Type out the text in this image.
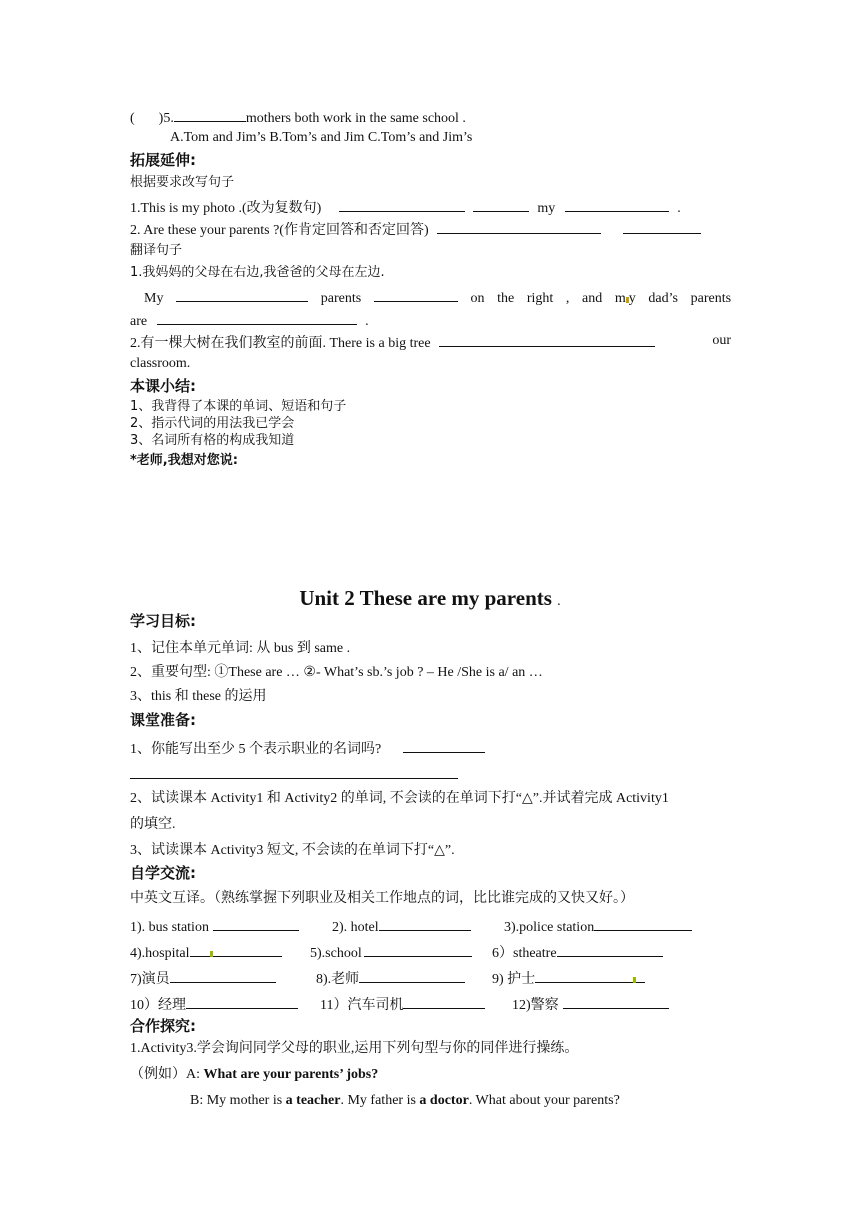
( )5.	mothers both work in the same school .
A.Tom and Jim’s B.Tom’s and Jim C.Tom’s and Jim’s
拓展延伸:
根据要求改写句子
1.This is my photo .(改为复数句)	my	.
2. Are these your parents ?(作肯定回答和否定回答)
翻译句子
1.我妈妈的父母在右边,我爸爸的父母在左边.
My	parents	on the right , and m y dad’s parents
are	.
2.有一棵大树在我们教室的前面. There is a big tree	our
classroom.
本课小结:
1、我背得了本课的单词、短语和句子
2、指示代词的用法我已学会
3、名词所有格的构成我知道
*老师,我想对您说:
Unit 2 These are my parents .
学习目标:
1、记住本单元单词: 从 bus 到 same .
2、重要句型: ①These are … ②- What’s sb.’s job ? – He /She is a/ an …
3、this 和 these 的运用
课堂准备:
1、你能写出至少 5 个表示职业的名词吗?
2、试读课本 Activity1 和 Activity2 的单词, 不会读的在单词下打“△”.并试着完成 Activity1
的填空.
3、试读课本 Activity3 短文, 不会读的在单词下打“△”.
自学交流:
中英文互译。（熟练掌握下列职业及相关工作地点的词，比比谁完成的又快又好。）
1). bus station	2). hotel	3).police station
4).hospital	5).school	6）stheatre
7)演员	8).老师	9) 护士
10）经理	11）汽车司机	12)警察
合作探究:
1.Activity3.学会询问同学父母的职业,运用下列句型与你的同伴进行操练。
（例如）A: What are your parents’ jobs?
B: My mother is a teacher. My father is a doctor. What about your parents?
